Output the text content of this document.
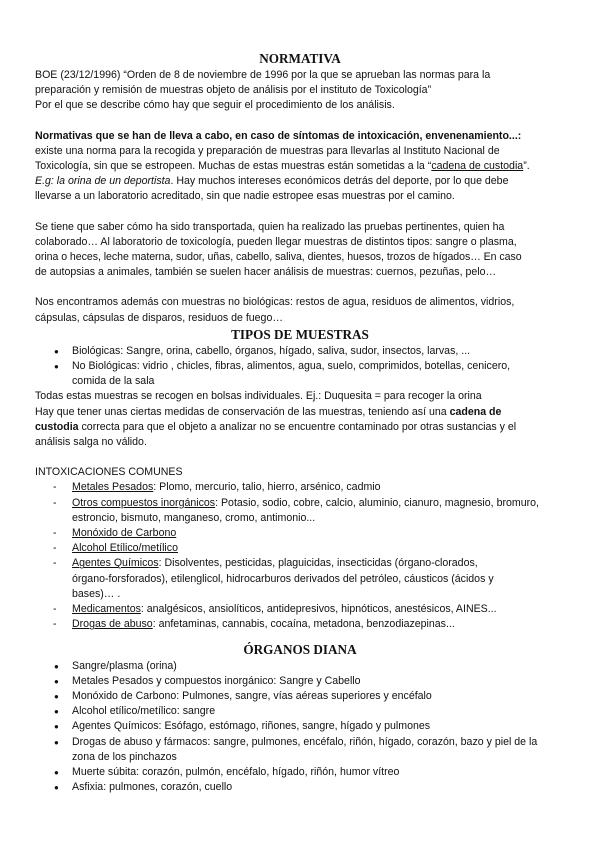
NORMATIVA

BOE (23/12/1996) “Orden de 8 de noviembre de 1996 por la que se aprueban las normas para la

preparación y remisión de muestras objeto de análisis por el instituto de Toxicología”

Por el que se describe cómo hay que seguir el procedimiento de los análisis.

Normativas que se han de lleva a cabo, en caso de síntomas de intoxicación, envenenamiento...:

existe una norma para la recogida y preparación de muestras para llevarlas al Instituto Nacional de

Toxicología, sin que se estropeen. Muchas de estas muestras están sometidas a la “cadena de custodia”.

E.g: la orina de un deportista. Hay muchos intereses económicos detrás del deporte, por lo que debe

llevarse a un laboratorio acreditado, sin que nadie estropee esas muestras por el camino.

Se tiene que saber cómo ha sido transportada, quien ha realizado las pruebas pertinentes, quien ha

colaborado… Al laboratorio de toxicología, pueden llegar muestras de distintos tipos: sangre o plasma,

orina o heces, leche materna, sudor, uñas, cabello, saliva, dientes, huesos, trozos de hígados… En caso

de autopsias a animales, también se suelen hacer análisis de muestras: cuernos, pezuñas, pelo…

Nos encontramos además con muestras no biológicas: restos de agua, residuos de alimentos, vidrios,

cápsulas, cápsulas de disparos, residuos de fuego…

TIPOS DE MUESTRAS
● Biológicas: Sangre, orina, cabello, órganos, hígado, saliva, sudor, insectos, larvas, ...
● No Biológicas: vidrio , chicles, fibras, alimentos, agua, suelo, comprimidos, botellas, cenicero,
comida de la sala

Todas estas muestras se recogen en bolsas individuales. Ej.: Duquesita = para recoger la orina

Hay que tener unas ciertas medidas de conservación de las muestras, teniendo así una cadena de

custodia correcta para que el objeto a analizar no se encuentre contaminado por otras sustancias y el

análisis salga no válido.

INTOXICACIONES COMUNES

- Metales Pesados: Plomo, mercurio, talio, hierro, arsénico, cadmio
- Otros compuestos inorgánicos: Potasio, sodio, cobre, calcio, aluminio, cianuro, magnesio, bromuro,
estroncio, bismuto, manganeso, cromo, antimonio...
- Monóxido de Carbono
- Alcohol Etílico/metílico
- Agentes Químicos: Disolventes, pesticidas, plaguicidas, insecticidas (órgano-clorados,
órgano-forsforados), etilenglicol, hidrocarburos derivados del petróleo, cáusticos (ácidos y
bases)… .
- Medicamentos: analgésicos, ansiolíticos, antidepresivos, hipnóticos, anestésicos, AINES...
- Drogas de abuso: anfetaminas, cannabis, cocaína, metadona, benzodiazepinas...
ÓRGANOS DIANA
● Sangre/plasma (orina)
● Metales Pesados y compuestos inorgánico: Sangre y Cabello
● Monóxido de Carbono: Pulmones, sangre, vías aéreas superiores y encéfalo
● Alcohol etílico/metílico: sangre
● Agentes Químicos: Esófago, estómago, riñones, sangre, hígado y pulmones
● Drogas de abuso y fármacos: sangre, pulmones, encéfalo, riñón, hígado, corazón, bazo y piel de la
zona de los pinchazos
● Muerte súbita: corazón, pulmón, encéfalo, hígado, riñón, humor vítreo
● Asfixia: pulmones, corazón, cuello
